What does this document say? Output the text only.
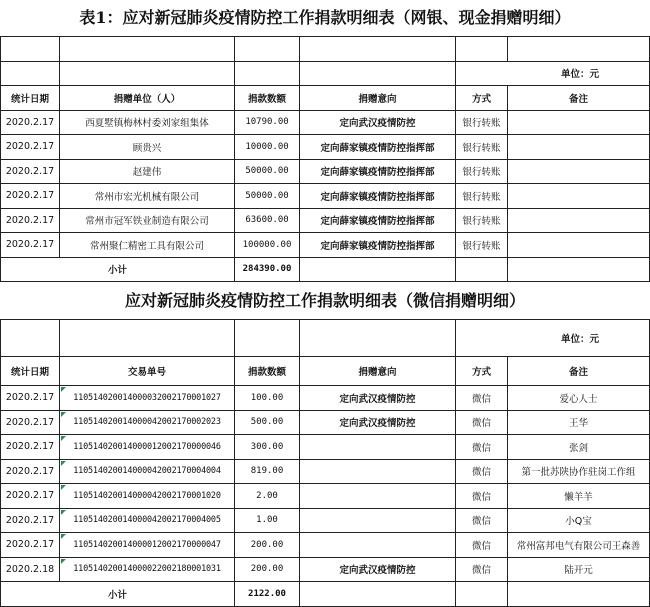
表1：应对新冠肺炎疫情防控工作捐款明细表（网银、现金捐赠明细）

				单位：元	
统计日期	捐赠单位（人）	捐款数额	捐赠意向	方式	备注
2020.2.17	西夏墅镇梅林村委刘家组集体	10790.00	定向武汉疫情防控	银行转账	
2020.2.17	顾贵兴	10000.00	定向薛家镇疫情防控指挥部	银行转账	
2020.2.17	赵建伟	50000.00	定向薛家镇疫情防控指挥部	银行转账	
2020.2.17	常州市宏光机械有限公司	50000.00	定向薛家镇疫情防控指挥部	银行转账	
2020.2.17	常州市冠军铁业制造有限公司	63600.00	定向薛家镇疫情防控指挥部	银行转账	
2020.2.17	常州聚仁精密工具有限公司	100000.00	定向薛家镇疫情防控指挥部	银行转账	
小计		284390.00			
应对新冠肺炎疫情防控工作捐款明细表（微信捐赠明细）
				单位：元	
统计日期	交易单号	捐款数额	捐赠意向	方式	备注
2020.2.17	110514020014000032002170001027	100.00	定向武汉疫情防控	微信	爱心人士
2020.2.17	110514020014000042002170002023	500.00	定向武汉疫情防控	微信	王华
2020.2.17	110514020014000012002170000046	300.00		微信	张剑
2020.2.17	110514020014000042002170004004	819.00		微信	第一批苏陕协作驻岗工作组
2020.2.17	110514020014000042002170001020	2.00		微信	懒羊羊
2020.2.17	110514020014000042002170004005	1.00		微信	小Q宝
2020.2.17	110514020014000012002170000047	200.00		微信	常州富邦电气有限公司王森善
2020.2.18	110514020014000022002180001031	200.00	定向武汉疫情防控	微信	陆开元
小计		2122.00			
